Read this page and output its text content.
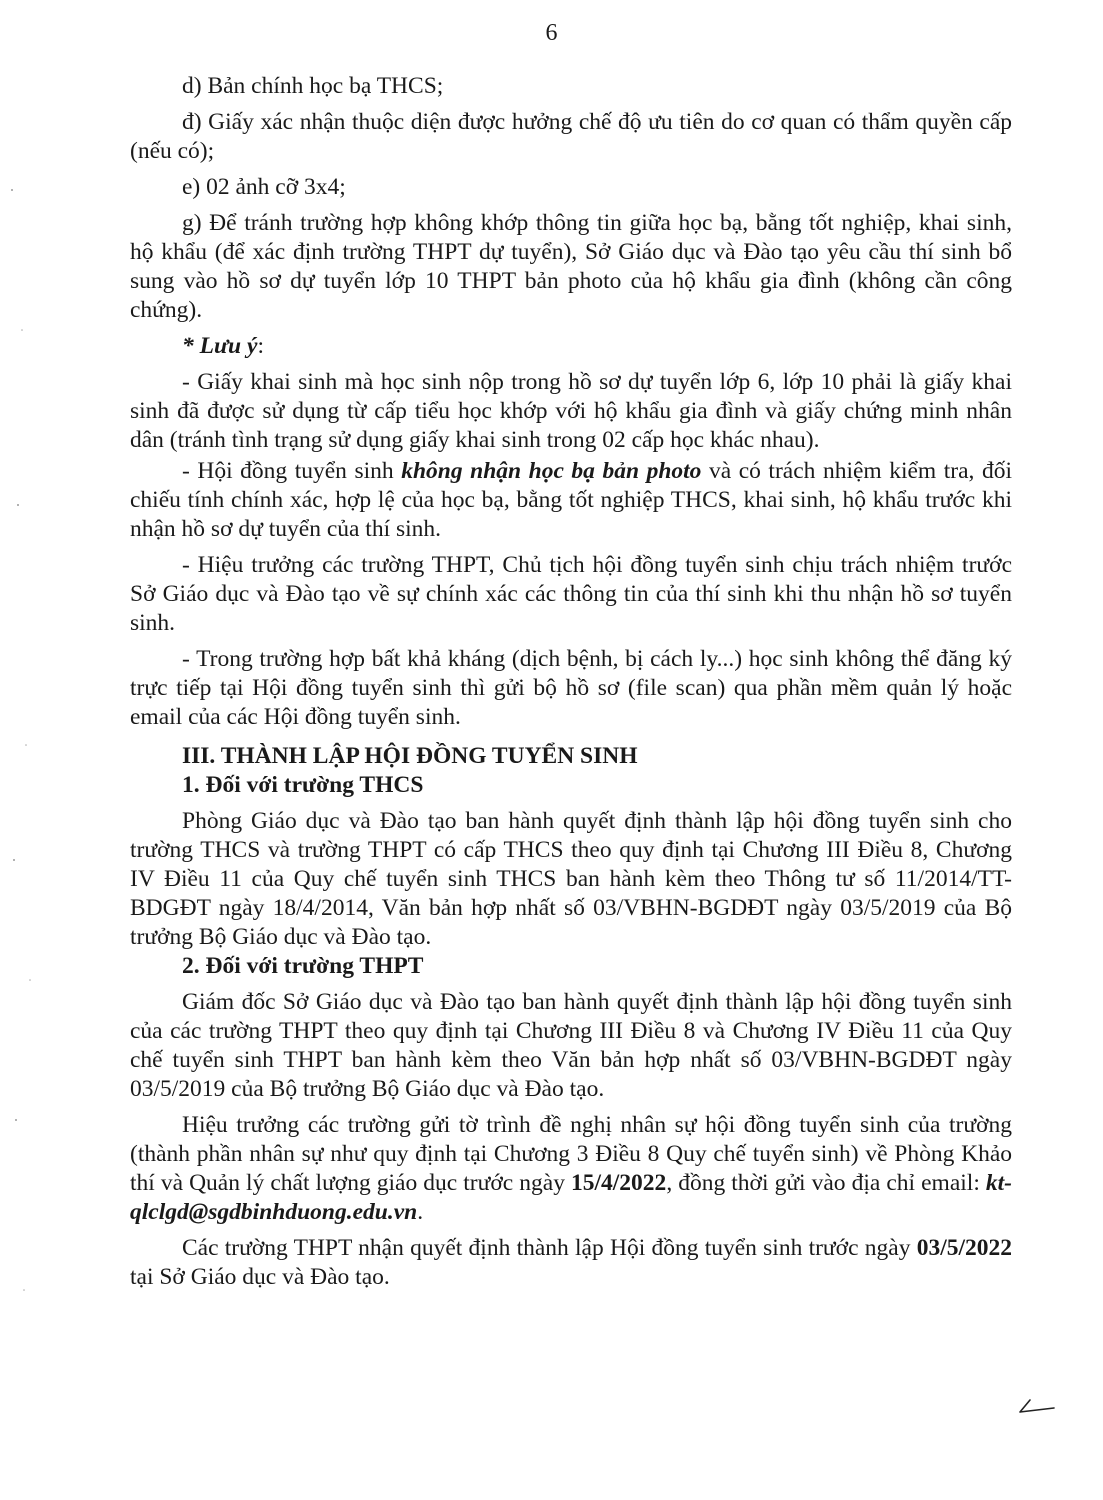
6

d) Bản chính học bạ THCS;

đ) Giấy xác nhận thuộc diện được hưởng chế độ ưu tiên do cơ quan có thẩm quyền cấp (nếu có);

e) 02 ảnh cỡ 3x4;

g) Để tránh trường hợp không khớp thông tin giữa học bạ, bằng tốt nghiệp, khai sinh, hộ khẩu (để xác định trường THPT dự tuyển), Sở Giáo dục và Đào tạo yêu cầu thí sinh bổ sung vào hồ sơ dự tuyển lớp 10 THPT bản photo của hộ khẩu gia đình (không cần công chứng).

* Lưu ý:

- Giấy khai sinh mà học sinh nộp trong hồ sơ dự tuyển lớp 6, lớp 10 phải là giấy khai sinh đã được sử dụng từ cấp tiểu học khớp với hộ khẩu gia đình và giấy chứng minh nhân dân (tránh tình trạng sử dụng giấy khai sinh trong 02 cấp học khác nhau).

- Hội đồng tuyển sinh không nhận học bạ bản photo và có trách nhiệm kiểm tra, đối chiếu tính chính xác, hợp lệ của học bạ, bằng tốt nghiệp THCS, khai sinh, hộ khẩu trước khi nhận hồ sơ dự tuyển của thí sinh.

- Hiệu trưởng các trường THPT, Chủ tịch hội đồng tuyển sinh chịu trách nhiệm trước Sở Giáo dục và Đào tạo về sự chính xác các thông tin của thí sinh khi thu nhận hồ sơ tuyển sinh.

- Trong trường hợp bất khả kháng (dịch bệnh, bị cách ly...) học sinh không thể đăng ký trực tiếp tại Hội đồng tuyển sinh thì gửi bộ hồ sơ (file scan) qua phần mềm quản lý hoặc email của các Hội đồng tuyển sinh.

III. THÀNH LẬP HỘI ĐỒNG TUYỂN SINH

1. Đối với trường THCS

Phòng Giáo dục và Đào tạo ban hành quyết định thành lập hội đồng tuyển sinh cho trường THCS và trường THPT có cấp THCS theo quy định tại Chương III Điều 8, Chương IV Điều 11 của Quy chế tuyển sinh THCS ban hành kèm theo Thông tư số 11/2014/TT-BDGĐT ngày 18/4/2014, Văn bản hợp nhất số 03/VBHN-BGDĐT ngày 03/5/2019 của Bộ trưởng Bộ Giáo dục và Đào tạo.

2. Đối với trường THPT

Giám đốc Sở Giáo dục và Đào tạo ban hành quyết định thành lập hội đồng tuyển sinh của các trường THPT theo quy định tại Chương III Điều 8 và Chương IV Điều 11 của Quy chế tuyển sinh THPT ban hành kèm theo Văn bản hợp nhất số 03/VBHN-BGDĐT ngày 03/5/2019 của Bộ trưởng Bộ Giáo dục và Đào tạo.

Hiệu trưởng các trường gửi tờ trình đề nghị nhân sự hội đồng tuyển sinh của trường (thành phần nhân sự như quy định tại Chương 3 Điều 8 Quy chế tuyển sinh) về Phòng Khảo thí và Quản lý chất lượng giáo dục trước ngày 15/4/2022, đồng thời gửi vào địa chỉ email: kt-qlclgd@sgdbinhduong.edu.vn.

Các trường THPT nhận quyết định thành lập Hội đồng tuyển sinh trước ngày 03/5/2022 tại Sở Giáo dục và Đào tạo.
